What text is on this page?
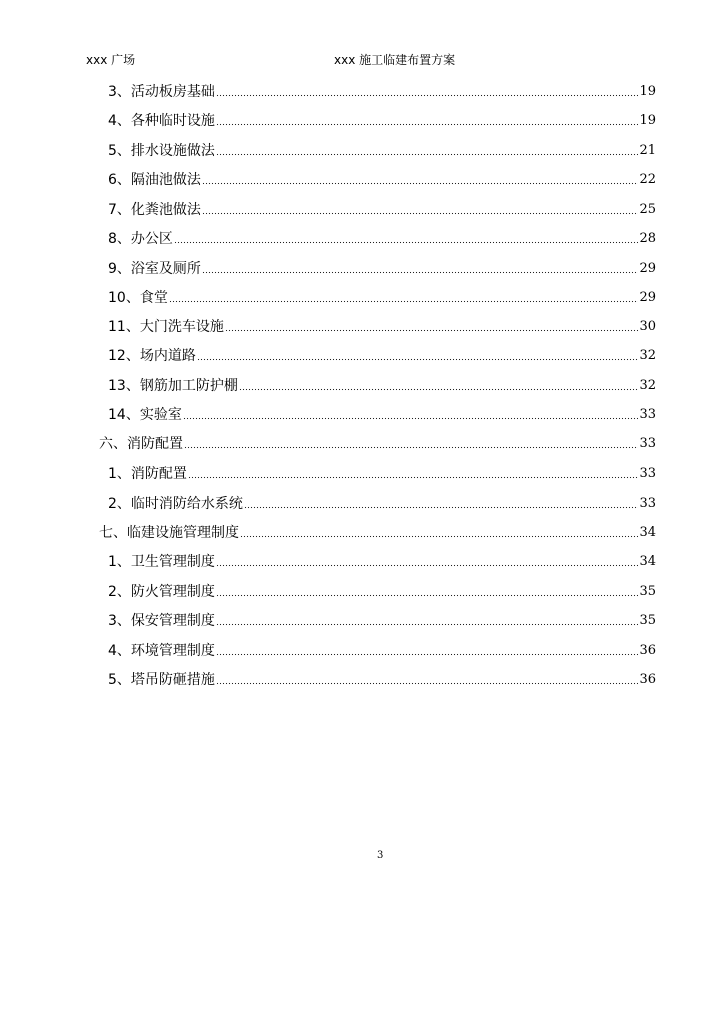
xxx 广场	xxx 施工临建布置方案
3、活动板房基础	19
4、各种临时设施	19
5、排水设施做法	21
6、隔油池做法	22
7、化粪池做法	25
8、办公区	28
9、浴室及厕所	29
10、食堂	29
11、大门洗车设施	30
12、场内道路	32
13、钢筋加工防护棚	32
14、实验室	33
六、消防配置	33
1、消防配置	33
2、临时消防给水系统	33
七、临建设施管理制度	34
1、卫生管理制度	34
2、防火管理制度	35
3、保安管理制度	35
4、环境管理制度	36
5、塔吊防砸措施	36
3
